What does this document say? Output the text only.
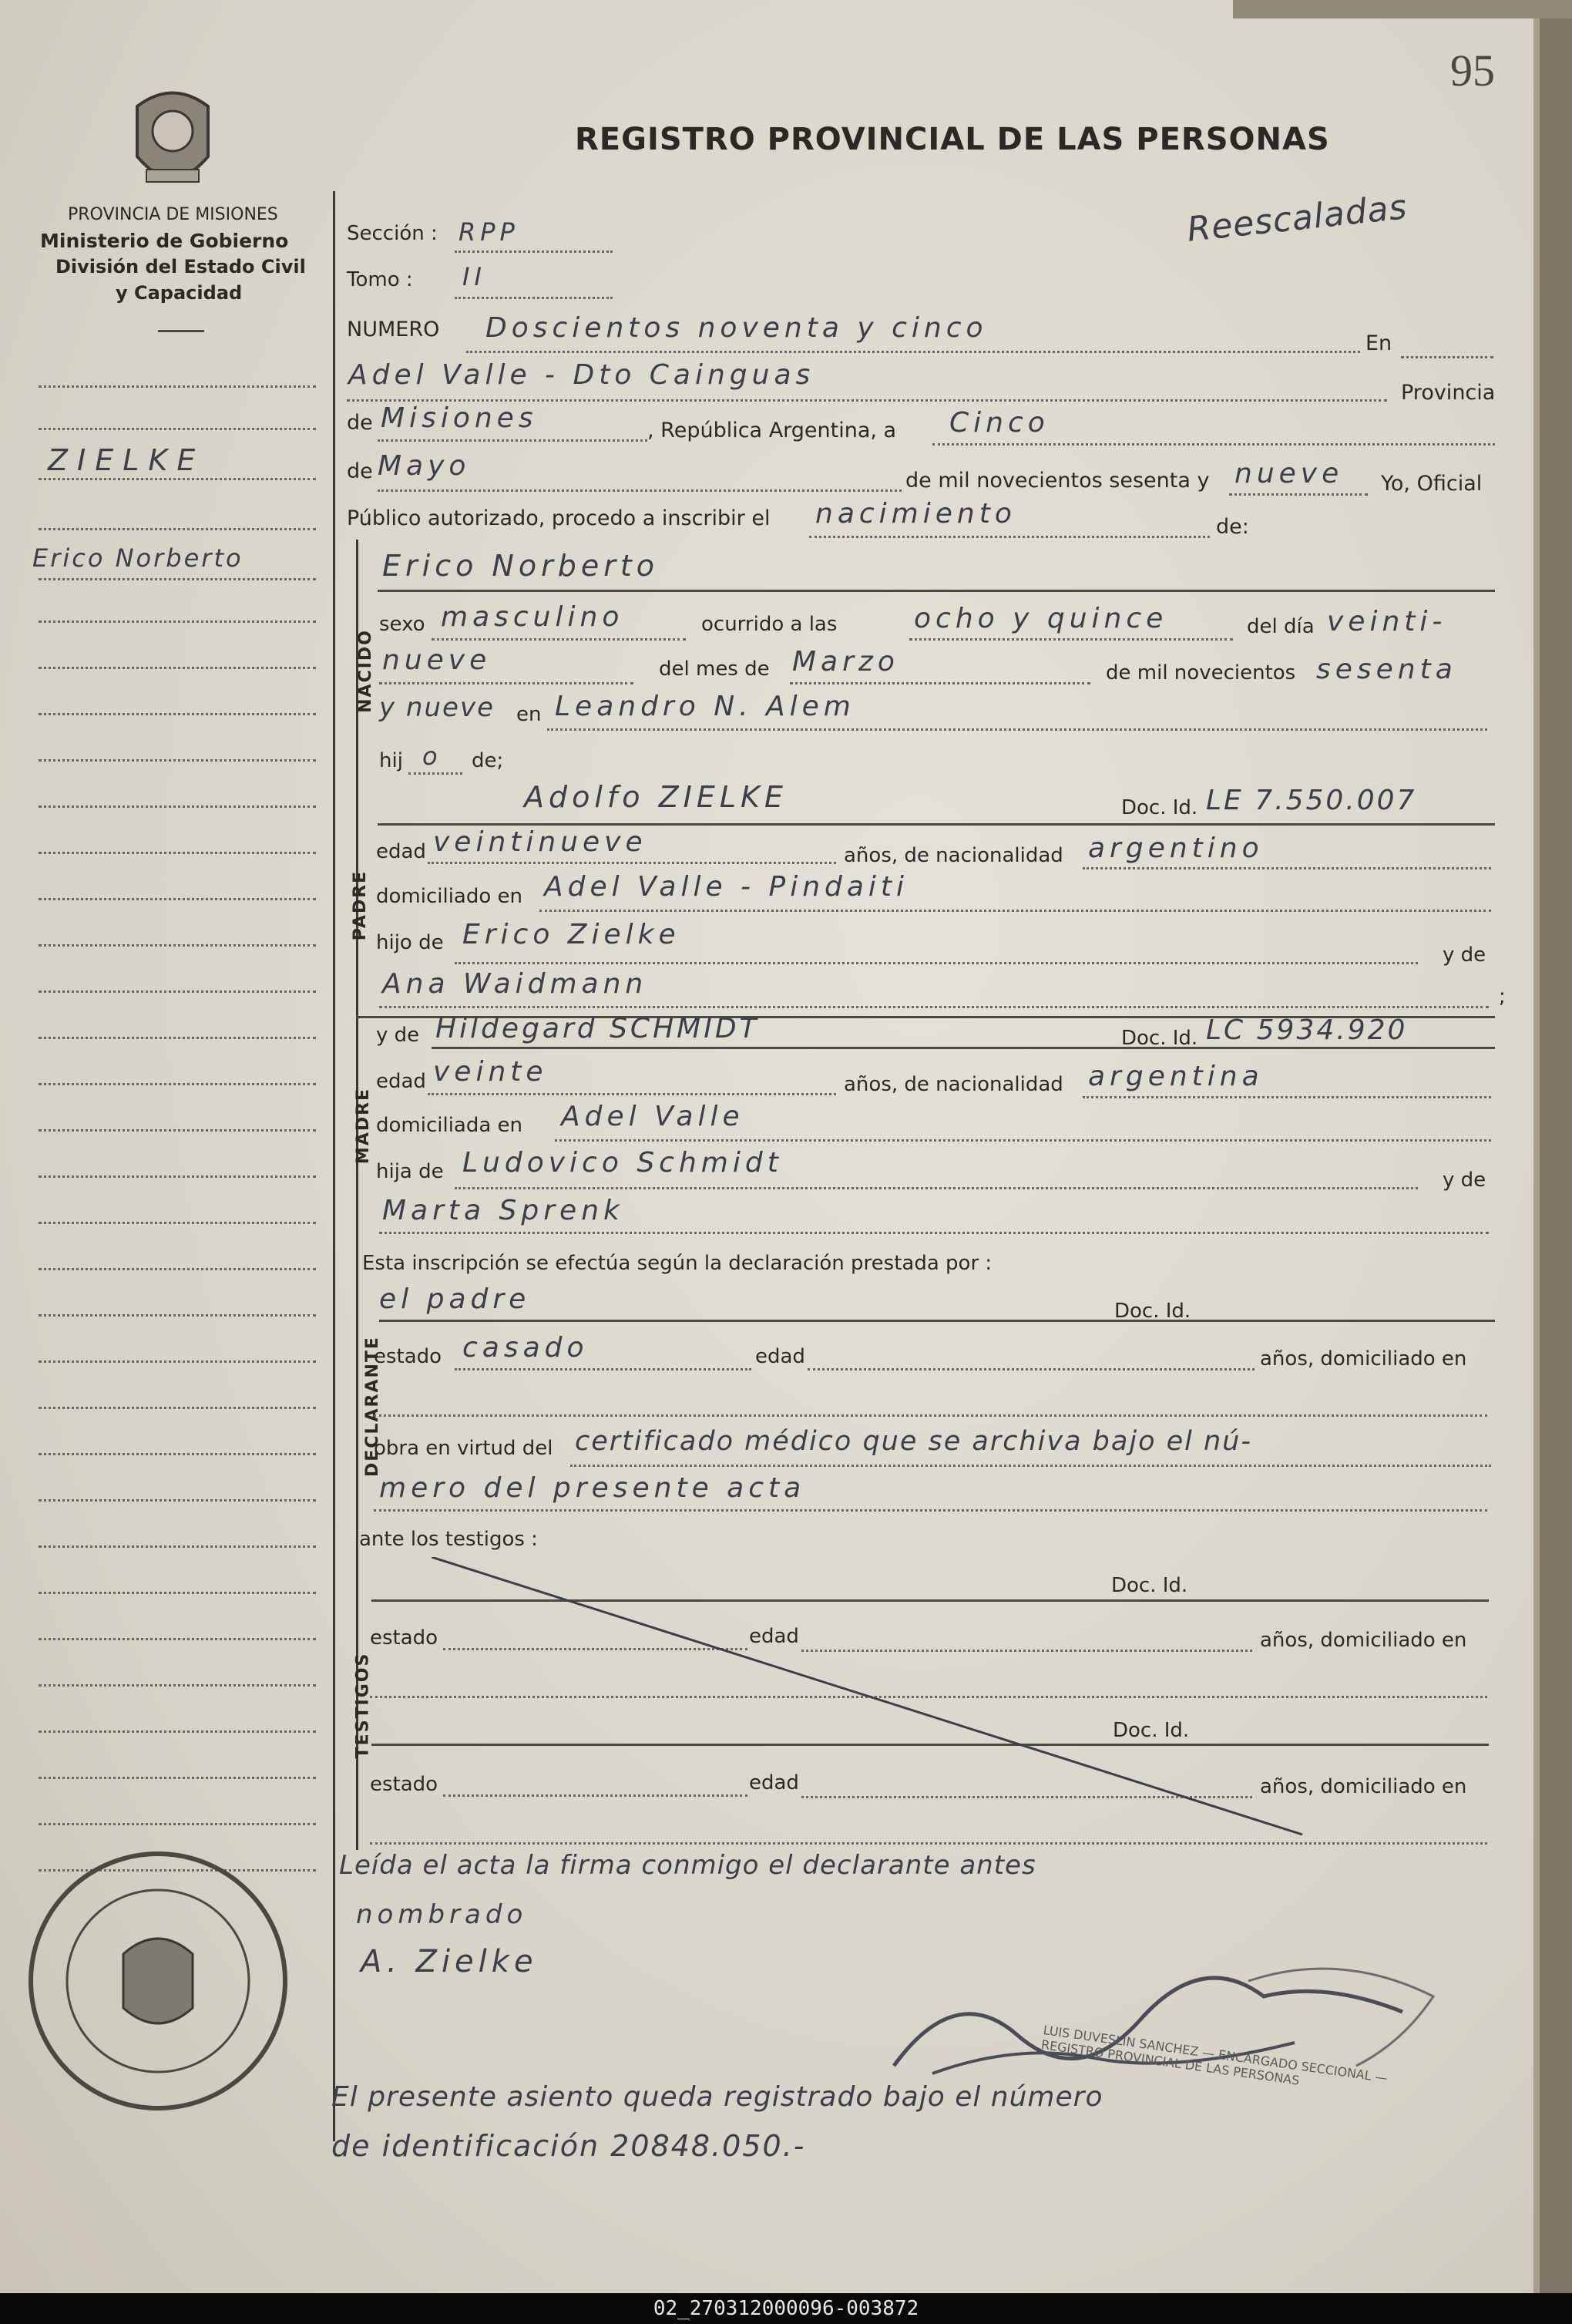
95
PROVINCIA DE MISIONES
Ministerio de Gobierno
División del Estado Civil
y Capacidad
REGISTRO PROVINCIAL DE LAS PERSONAS
Reescaladas
ZIELKE
Erico Norberto
Sección : RPP
Tomo : II
NUMERO Doscientos noventa y cinco	En
Adel Valle - Dto Cainguas
Provincia
de Misiones	, República Argentina, a Cinco
de Mayo	de mil novecientos sesenta y nueve Yo, Oficial
Público autorizado, procedo a inscribir el nacimiento	de:
NACIDO
Erico Norberto
sexo masculino	ocurrido a las	ocho y quince	del día veinti-
nueve	del mes de Marzo	de mil novecientos sesenta
y nueve en Leandro N. Alem
hij o de;
PADRE
Adolfo ZIELKE	Doc. Id. LE 7.550.007
edad veintinueve	años, de nacionalidad argentino
domiciliado en Adel Valle - Pindaiti
hijo de Erico Zielke
y de
Ana Waidmann	;
MADRE
y de Hildegard SCHMIDT	Doc. Id. LC 5934.920
edad veinte	años, de nacionalidad argentina
domiciliada en Adel Valle
hija de Ludovico Schmidt
y de
Marta Sprenk
Esta inscripción se efectúa según la declaración prestada por :
DECLARANTE
el padre	Doc. Id.
estado casado	edad	años, domiciliado en
obra en virtud del certificado médico que se archiva bajo el nú-
mero del presente acta
ante los testigos :
TESTIGOS
Doc. Id.
estado	edad	años, domiciliado en
Doc. Id.
estado	edad	años, domiciliado en
Leída el acta la firma conmigo el declarante antes
nombrado
A. Zielke
El presente asiento queda registrado bajo el número
de identificación 20848.050.-
LUIS DUVESLIN SANCHEZ — ENCARGADO SECCIONAL — REGISTRO PROVINCIAL DE LAS PERSONAS
02_270312000096-003872
